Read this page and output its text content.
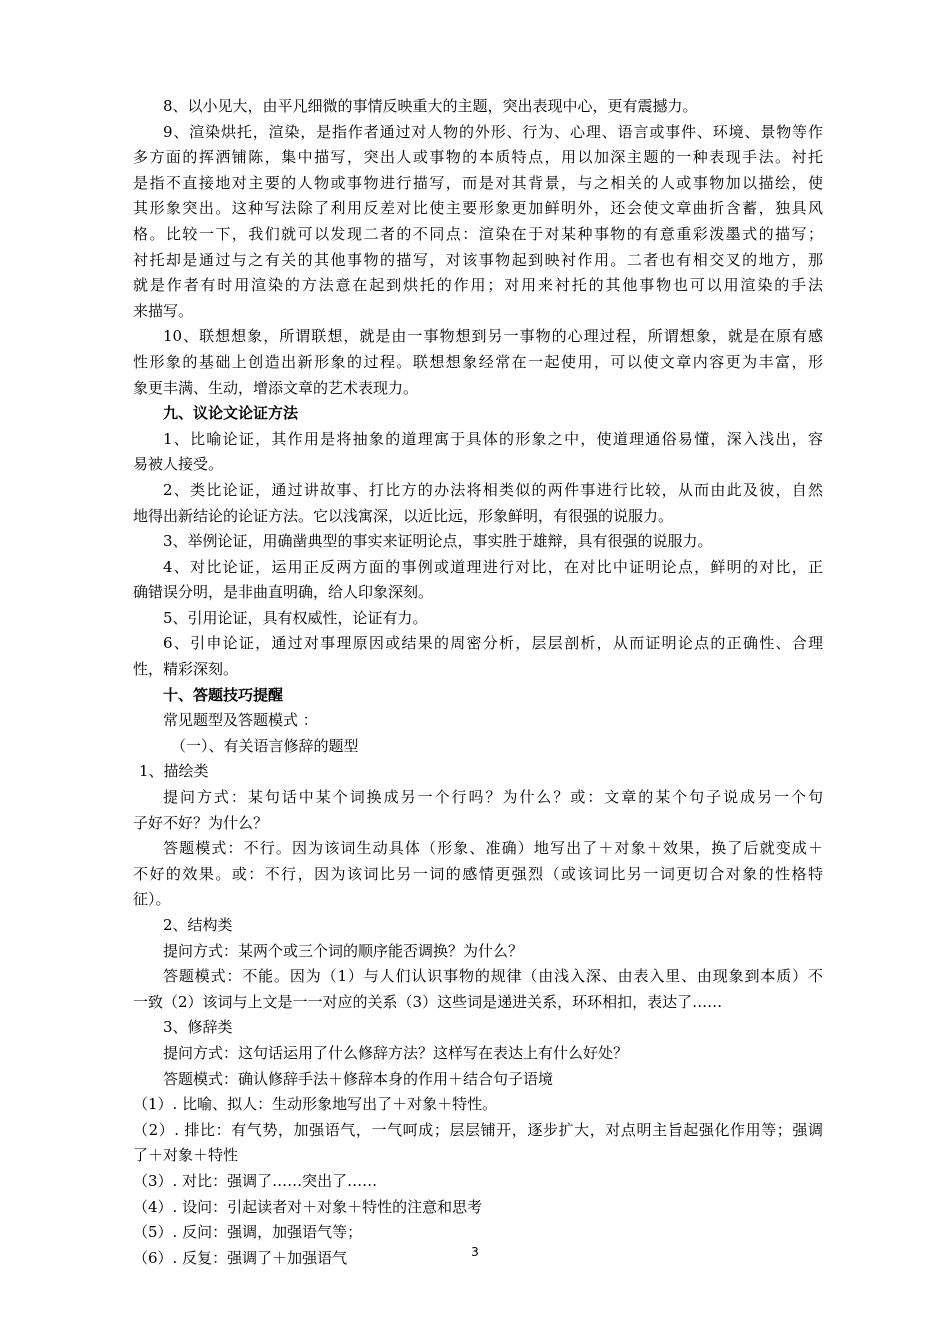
8、以小见大，由平凡细微的事情反映重大的主题，突出表现中心，更有震撼力。
9、渲染烘托，渲染，是指作者通过对人物的外形、行为、心理、语言或事件、环境、景物等作
多方面的挥洒铺陈，集中描写，突出人或事物的本质特点，用以加深主题的一种表现手法。衬托
是指不直接地对主要的人物或事物进行描写，而是对其背景，与之相关的人或事物加以描绘，使
其形象突出。这种写法除了利用反差对比使主要形象更加鲜明外，还会使文章曲折含蓄，独具风
格。比较一下，我们就可以发现二者的不同点：渲染在于对某种事物的有意重彩泼墨式的描写；
衬托却是通过与之有关的其他事物的描写，对该事物起到映衬作用。二者也有相交叉的地方，那
就是作者有时用渲染的方法意在起到烘托的作用；对用来衬托的其他事物也可以用渲染的手法
来描写。
10、联想想象，所谓联想，就是由一事物想到另一事物的心理过程，所谓想象，就是在原有感
性形象的基础上创造出新形象的过程。联想想象经常在一起使用，可以使文章内容更为丰富，形
象更丰满、生动，增添文章的艺术表现力。
九、议论文论证方法
1、比喻论证，其作用是将抽象的道理寓于具体的形象之中，使道理通俗易懂，深入浅出，容
易被人接受。
2、类比论证，通过讲故事、打比方的办法将相类似的两件事进行比较，从而由此及彼，自然
地得出新结论的论证方法。它以浅寓深，以近比远，形象鲜明，有很强的说服力。
3、举例论证，用确凿典型的事实来证明论点，事实胜于雄辩，具有很强的说服力。
4、对比论证，运用正反两方面的事例或道理进行对比，在对比中证明论点，鲜明的对比，正
确错误分明，是非曲直明确，给人印象深刻。
5、引用论证，具有权威性，论证有力。
6、引申论证，通过对事理原因或结果的周密分析，层层剖析，从而证明论点的正确性、合理
性，精彩深刻。
十、答题技巧提醒
常见题型及答题模式 ：
（一）、有关语言修辞的题型
1、描绘类
提问方式：某句话中某个词换成另一个行吗？为什么？或：文章的某个句子说成另一个句
子好不好？为什么？
答题模式：不行。因为该词生动具体（形象、准确）地写出了＋对象＋效果，换了后就变成＋
不好的效果。或：不行，因为该词比另一词的感情更强烈（或该词比另一词更切合对象的性格特
征）。
2、结构类
提问方式：某两个或三个词的顺序能否调换？为什么？
答题模式：不能。因为（1）与人们认识事物的规律（由浅入深、由表入里、由现象到本质）不
一致（2）该词与上文是一一对应的关系（3）这些词是递进关系，环环相扣，表达了……
3、修辞类
提问方式：这句话运用了什么修辞方法？这样写在表达上有什么好处？
答题模式：确认修辞手法＋修辞本身的作用＋结合句子语境
（1）. 比喻、拟人：生动形象地写出了＋对象＋特性。
（2）. 排比：有气势，加强语气，一气呵成；层层铺开，逐步扩大，对点明主旨起强化作用等；强调
了＋对象＋特性
（3）. 对比：强调了……突出了……
（4）. 设问：引起读者对＋对象＋特性的注意和思考
（5）. 反问：强调，加强语气等；
（6）. 反复：强调了＋加强语气	3
